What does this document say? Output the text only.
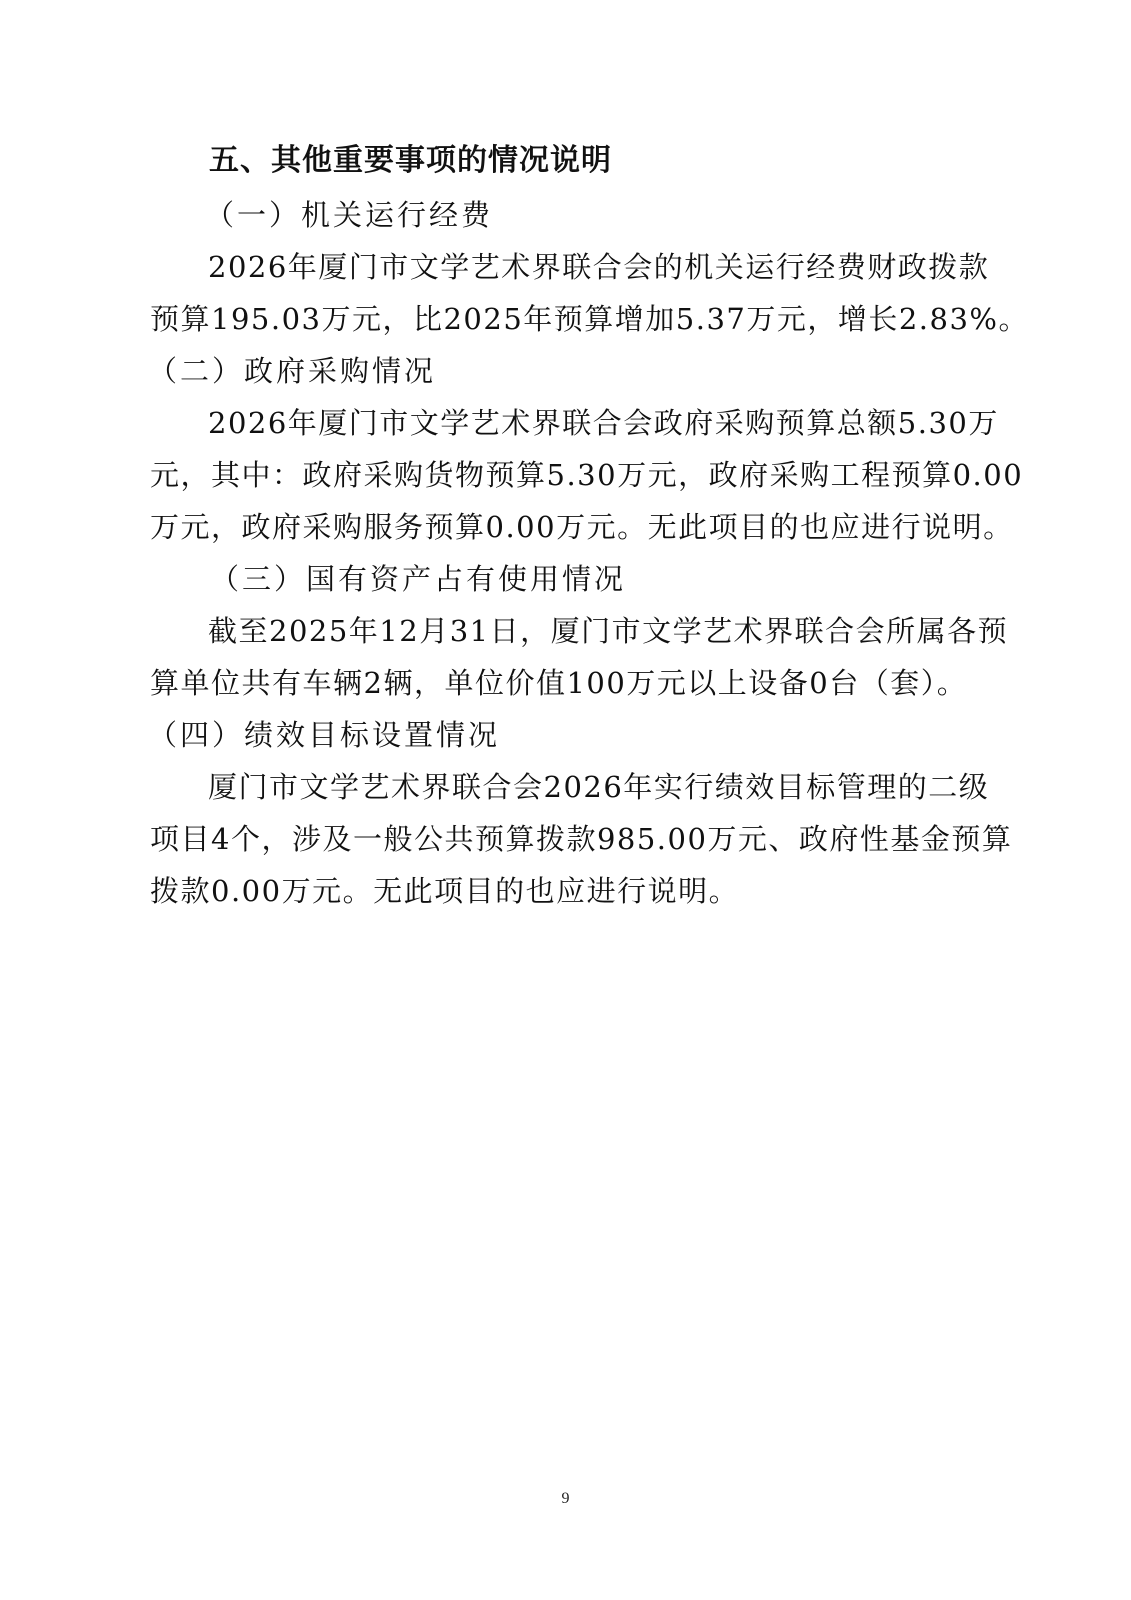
五、其他重要事项的情况说明
（一）机关运行经费
2026年厦门市文学艺术界联合会的机关运行经费财政拨款
预算195.03万元，比2025年预算增加5.37万元，增长2.83%。
（二）政府采购情况
2026年厦门市文学艺术界联合会政府采购预算总额5.30万
元，其中：政府采购货物预算5.30万元，政府采购工程预算0.00
万元，政府采购服务预算0.00万元。无此项目的也应进行说明。
（三）国有资产占有使用情况
截至2025年12月31日，厦门市文学艺术界联合会所属各预
算单位共有车辆2辆，单位价值100万元以上设备0台（套）。
（四）绩效目标设置情况
厦门市文学艺术界联合会2026年实行绩效目标管理的二级
项目4个，涉及一般公共预算拨款985.00万元、政府性基金预算
拨款0.00万元。无此项目的也应进行说明。
9
